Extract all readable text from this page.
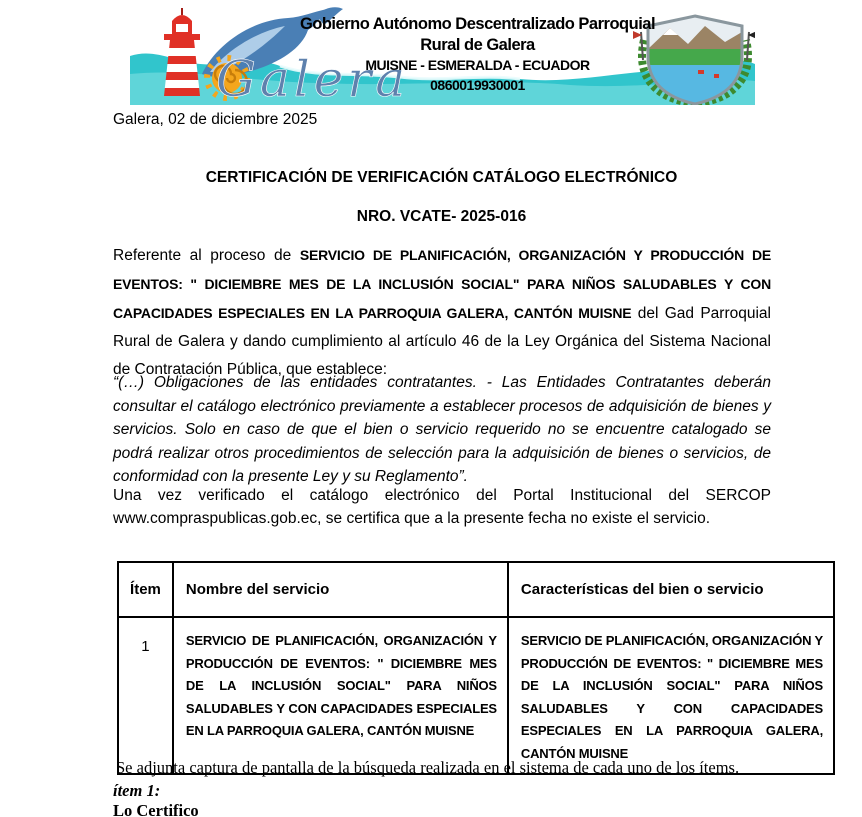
Galera
Gobierno Autónomo Descentralizado Parroquial Rural de Galera
MUISNE - ESMERALDA - ECUADOR
0860019930001
Galera, 02 de diciembre 2025
CERTIFICACIÓN DE VERIFICACIÓN CATÁLOGO ELECTRÓNICO
NRO. VCATE- 2025-016

Referente al proceso de SERVICIO DE PLANIFICACIÓN, ORGANIZACIÓN Y PRODUCCIÓN DE EVENTOS: " DICIEMBRE MES DE LA INCLUSIÓN SOCIAL" PARA NIÑOS SALUDABLES Y CON CAPACIDADES ESPECIALES EN LA PARROQUIA GALERA, CANTÓN MUISNE del Gad Parroquial Rural de Galera y dando cumplimiento al artículo 46 de la Ley Orgánica del Sistema Nacional de Contratación Pública, que establece:

“(…) Obligaciones de las entidades contratantes. - Las Entidades Contratantes deberán consultar el catálogo electrónico previamente a establecer procesos de adquisición de bienes y servicios. Solo en caso de que el bien o servicio requerido no se encuentre catalogado se podrá realizar otros procedimientos de selección para la adquisición de bienes o servicios, de conformidad con la presente Ley y su Reglamento”.

Una vez verificado el catálogo electrónico del Portal Institucional del SERCOP www.compraspublicas.gob.ec, se certifica que a la presente fecha no existe el servicio.

Ítem	Nombre del servicio	Características del bien o servicio
1	SERVICIO DE PLANIFICACIÓN, ORGANIZACIÓN Y PRODUCCIÓN DE EVENTOS: " DICIEMBRE MES DE LA INCLUSIÓN SOCIAL" PARA NIÑOS SALUDABLES Y CON CAPACIDADES ESPECIALES EN LA PARROQUIA GALERA, CANTÓN MUISNE	SERVICIO DE PLANIFICACIÓN, ORGANIZACIÓN Y PRODUCCIÓN DE EVENTOS: " DICIEMBRE MES DE LA INCLUSIÓN SOCIAL" PARA NIÑOS SALUDABLES Y CON CAPACIDADES ESPECIALES EN LA PARROQUIA GALERA, CANTÓN MUISNE

Se adjunta captura de pantalla de la búsqueda realizada en el sistema de cada uno de los ítems.

ítem 1:

Lo Certifico
